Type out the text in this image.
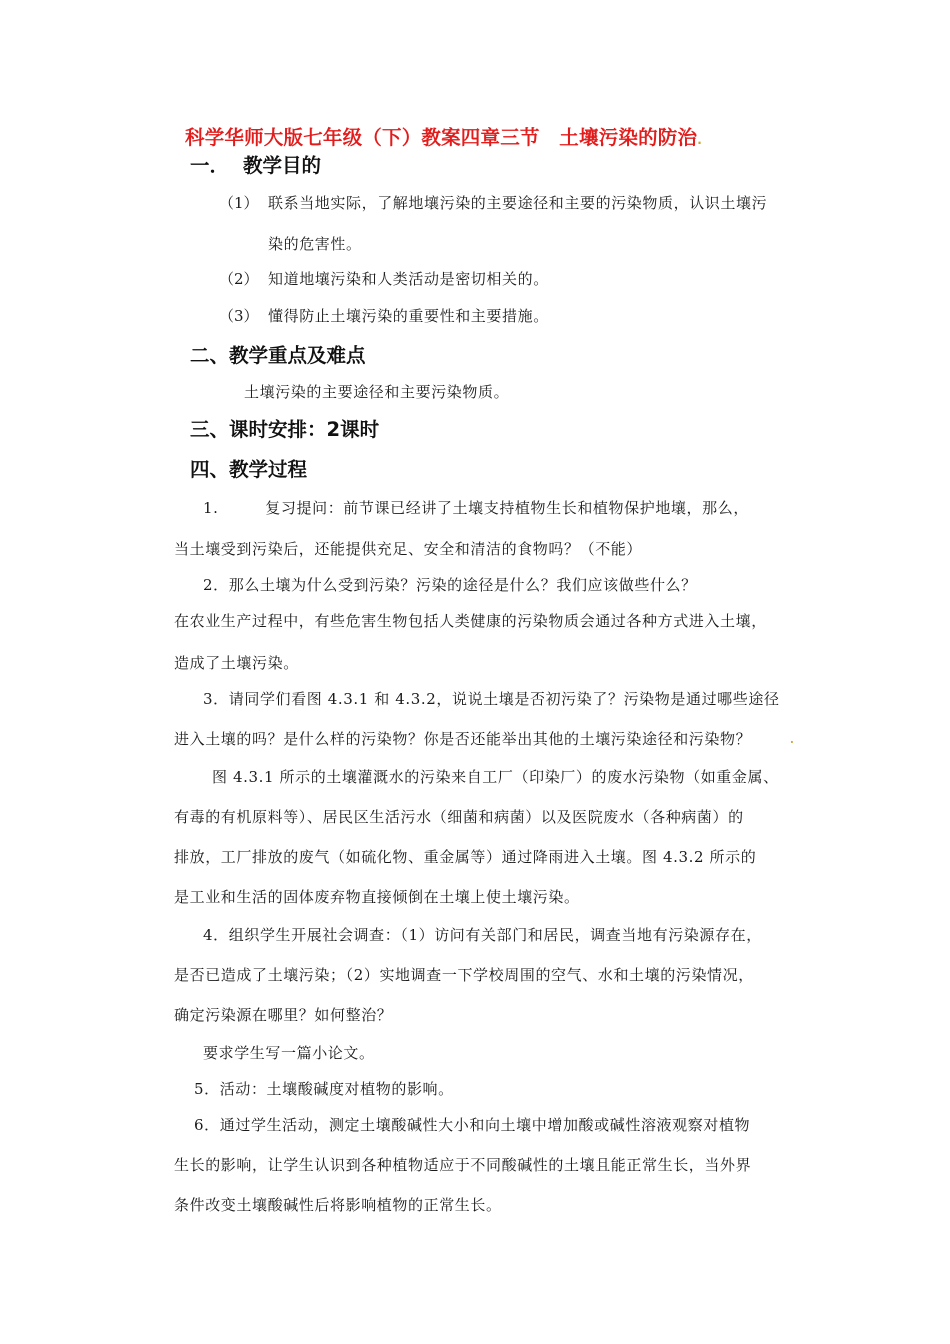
科学华师大版七年级（下）教案四章三节　土壤污染的防治.
一． 教学目的
（1） 联系当地实际，了解地壤污染的主要途径和主要的污染物质，认识土壤污
染的危害性。
（2） 知道地壤污染和人类活动是密切相关的。
（3） 懂得防止土壤污染的重要性和主要措施。
二、教学重点及难点
土壤污染的主要途径和主要污染物质。
三、课时安排：2课时
四、教学过程
1.　　　复习提问：前节课已经讲了土壤支持植物生长和植物保护地壤，那么，
当土壤受到污染后，还能提供充足、安全和清洁的食物吗？（不能）
2．那么土壤为什么受到污染？污染的途径是什么？我们应该做些什么？
在农业生产过程中，有些危害生物包括人类健康的污染物质会通过各种方式进入土壤，
造成了土壤污染。
3．请同学们看图 4.3.1 和 4.3.2，说说土壤是否初污染了？污染物是通过哪些途径
进入土壤的吗？是什么样的污染物？你是否还能举出其他的土壤污染途径和污染物？
图 4.3.1 所示的土壤灌溉水的污染来自工厂（印染厂）的废水污染物（如重金属、
有毒的有机原料等）、居民区生活污水（细菌和病菌）以及医院废水（各种病菌）的
排放，工厂排放的废气（如硫化物、重金属等）通过降雨进入土壤。图 4.3.2 所示的
是工业和生活的固体废弃物直接倾倒在土壤上使土壤污染。
4．组织学生开展社会调查：（1）访问有关部门和居民，调查当地有污染源存在，
是否已造成了土壤污染；（2）实地调查一下学校周围的空气、水和土壤的污染情况，
确定污染源在哪里？如何整治？
要求学生写一篇小论文。
5．活动：土壤酸碱度对植物的影响。
6．通过学生活动，测定土壤酸碱性大小和向土壤中增加酸或碱性溶液观察对植物
生长的影响，让学生认识到各种植物适应于不同酸碱性的土壤且能正常生长，当外界
条件改变土壤酸碱性后将影响植物的正常生长。
.
